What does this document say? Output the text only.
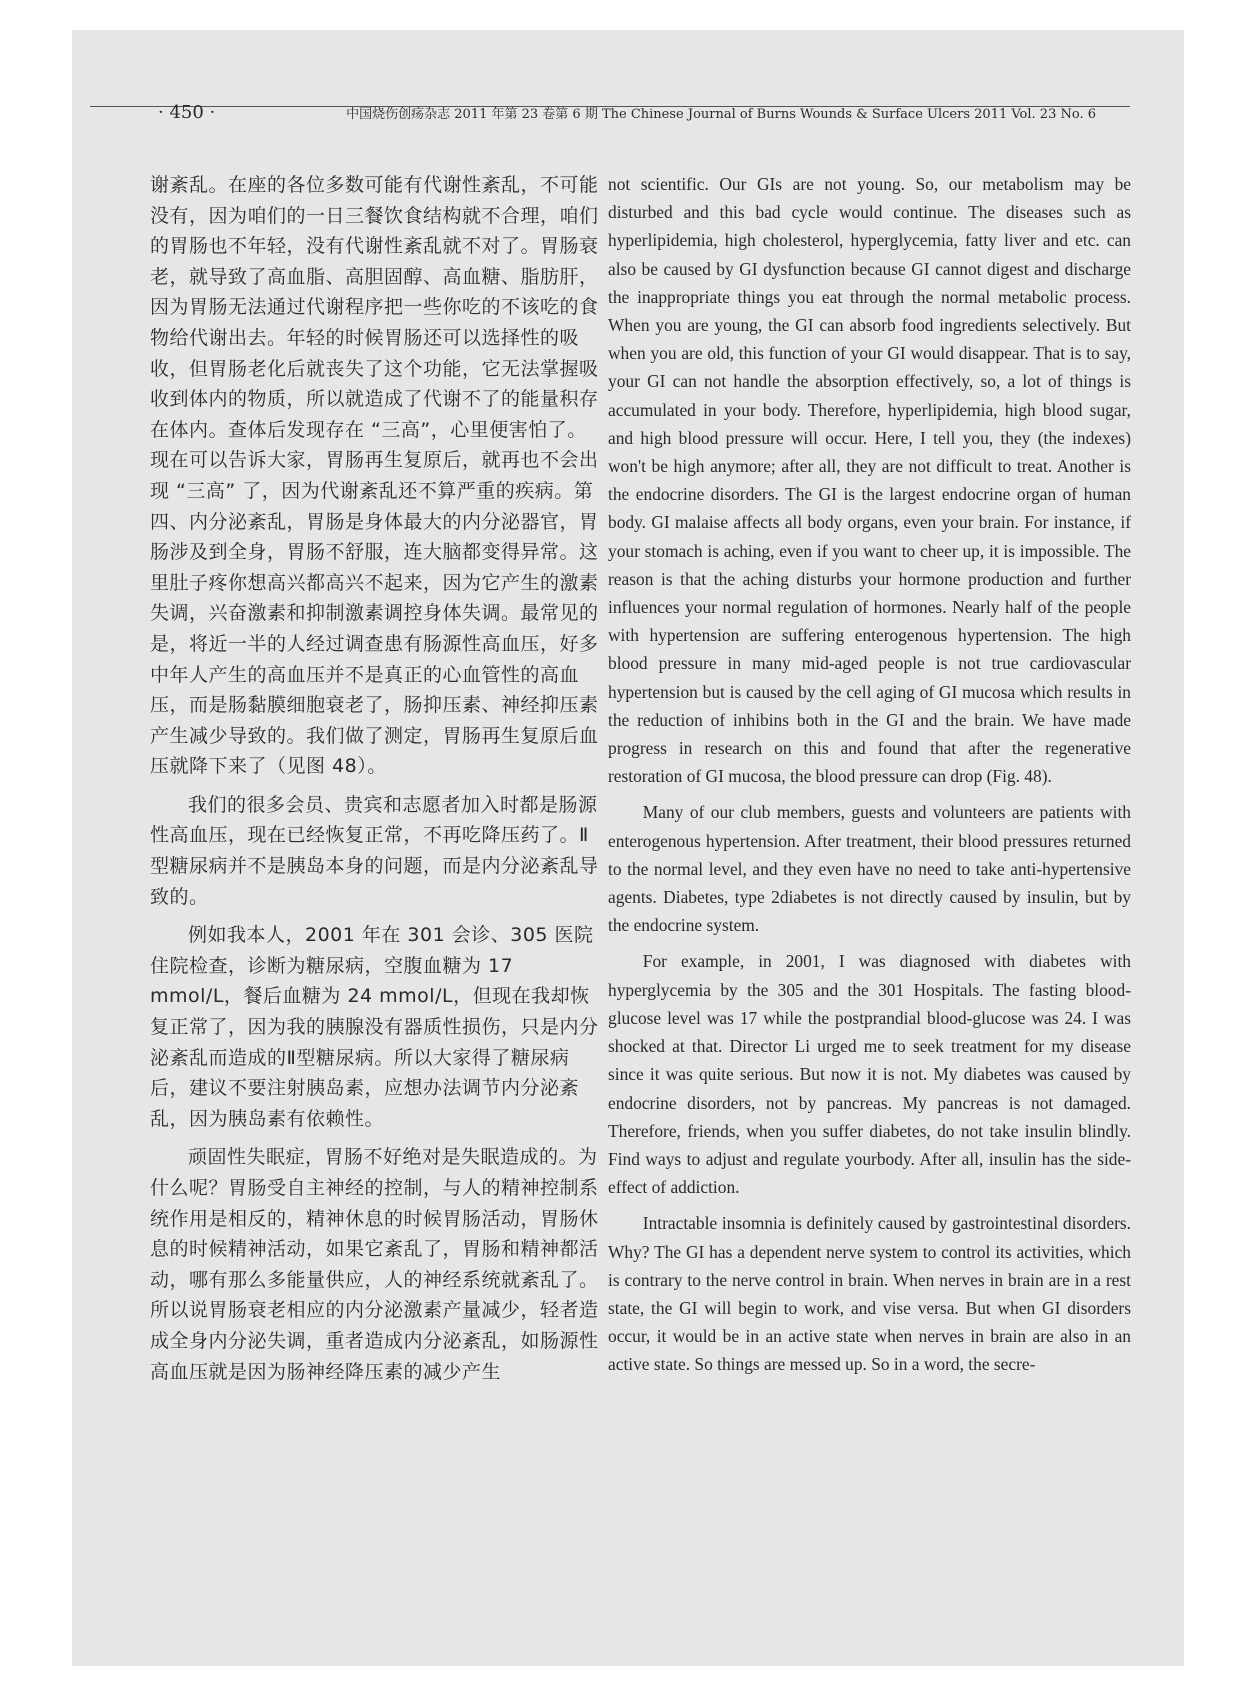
· 450 ·	中国烧伤创疡杂志 2011 年第 23 卷第 6 期 The Chinese Journal of Burns Wounds & Surface Ulcers 2011 Vol. 23 No. 6

谢紊乱。在座的各位多数可能有代谢性紊乱，不可能没有，因为咱们的一日三餐饮食结构就不合理，咱们的胃肠也不年轻，没有代谢性紊乱就不对了。胃肠衰老，就导致了高血脂、高胆固醇、高血糖、脂肪肝，因为胃肠无法通过代谢程序把一些你吃的不该吃的食物给代谢出去。年轻的时候胃肠还可以选择性的吸收，但胃肠老化后就丧失了这个功能，它无法掌握吸收到体内的物质，所以就造成了代谢不了的能量积存在体内。查体后发现存在 “三高”，心里便害怕了。现在可以告诉大家，胃肠再生复原后，就再也不会出现 “三高” 了，因为代谢紊乱还不算严重的疾病。第四、内分泌紊乱，胃肠是身体最大的内分泌器官，胃肠涉及到全身，胃肠不舒服，连大脑都变得异常。这里肚子疼你想高兴都高兴不起来，因为它产生的激素失调，兴奋激素和抑制激素调控身体失调。最常见的是，将近一半的人经过调查患有肠源性高血压，好多中年人产生的高血压并不是真正的心血管性的高血压，而是肠黏膜细胞衰老了，肠抑压素、神经抑压素产生减少导致的。我们做了测定，胃肠再生复原后血压就降下来了（见图 48）。

我们的很多会员、贵宾和志愿者加入时都是肠源性高血压，现在已经恢复正常，不再吃降压药了。Ⅱ型糖尿病并不是胰岛本身的问题，而是内分泌紊乱导致的。

例如我本人，2001 年在 301 会诊、305 医院住院检查，诊断为糖尿病，空腹血糖为 17 mmol/L，餐后血糖为 24 mmol/L，但现在我却恢复正常了，因为我的胰腺没有器质性损伤，只是内分泌紊乱而造成的Ⅱ型糖尿病。所以大家得了糖尿病后，建议不要注射胰岛素，应想办法调节内分泌紊乱，因为胰岛素有依赖性。

顽固性失眠症，胃肠不好绝对是失眠造成的。为什么呢？胃肠受自主神经的控制，与人的精神控制系统作用是相反的，精神休息的时候胃肠活动，胃肠休息的时候精神活动，如果它紊乱了，胃肠和精神都活动，哪有那么多能量供应，人的神经系统就紊乱了。所以说胃肠衰老相应的内分泌激素产量减少，轻者造成全身内分泌失调，重者造成内分泌紊乱，如肠源性高血压就是因为肠神经降压素的减少产生

not scientific. Our GIs are not young. So, our metabolism may be disturbed and this bad cycle would continue. The diseases such as hyperlipidemia, high cholesterol, hyperglycemia, fatty liver and etc. can also be caused by GI dysfunction because GI cannot digest and discharge the inappropriate things you eat through the normal metabolic process. When you are young, the GI can absorb food ingredients selectively. But when you are old, this function of your GI would disappear. That is to say, your GI can not handle the absorption effectively, so, a lot of things is accumulated in your body. Therefore, hyperlipidemia, high blood sugar, and high blood pressure will occur. Here, I tell you, they (the indexes) won't be high anymore; after all, they are not difficult to treat. Another is the endocrine disorders. The GI is the largest endocrine organ of human body. GI malaise affects all body organs, even your brain. For instance, if your stomach is aching, even if you want to cheer up, it is impossible. The reason is that the aching disturbs your hormone production and further influences your normal regulation of hormones. Nearly half of the people with hypertension are suffering enterogenous hypertension. The high blood pressure in many mid-aged people is not true cardiovascular hypertension but is caused by the cell aging of GI mucosa which results in the reduction of inhibins both in the GI and the brain. We have made progress in research on this and found that after the regenerative restoration of GI mucosa, the blood pressure can drop (Fig. 48).

Many of our club members, guests and volunteers are patients with enterogenous hypertension. After treatment, their blood pressures returned to the normal level, and they even have no need to take anti-hypertensive agents. Diabetes, type 2diabetes is not directly caused by insulin, but by the endocrine system.

For example, in 2001, I was diagnosed with diabetes with hyperglycemia by the 305 and the 301 Hospitals. The fasting blood-glucose level was 17 while the postprandial blood-glucose was 24. I was shocked at that. Director Li urged me to seek treatment for my disease since it was quite serious. But now it is not. My diabetes was caused by endocrine disorders, not by pancreas. My pancreas is not damaged. Therefore, friends, when you suffer diabetes, do not take insulin blindly. Find ways to adjust and regulate yourbody. After all, insulin has the side-effect of addiction.

Intractable insomnia is definitely caused by gastrointestinal disorders. Why? The GI has a dependent nerve system to control its activities, which is contrary to the nerve control in brain. When nerves in brain are in a rest state, the GI will begin to work, and vise versa. But when GI disorders occur, it would be in an active state when nerves in brain are also in an active state. So things are messed up. So in a word, the secre-
